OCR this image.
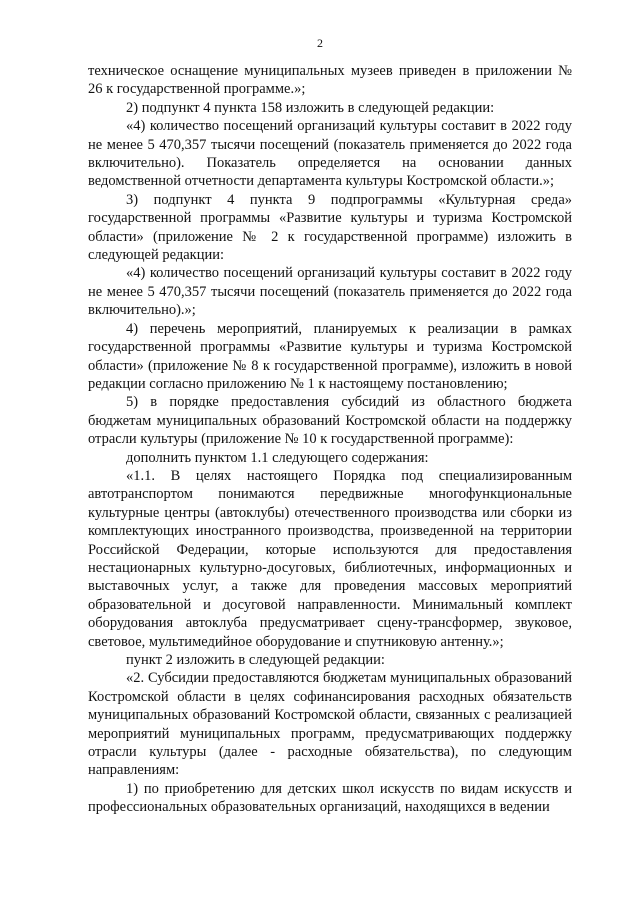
2

техническое оснащение муниципальных музеев приведен в приложении № 26 к государственной программе.»;

2) подпункт 4 пункта 158 изложить в следующей редакции:

«4) количество посещений организаций культуры составит в 2022 году не менее 5 470,357 тысячи посещений (показатель применяется до 2022 года включительно). Показатель определяется на основании данных ведомственной отчетности департамента культуры Костромской области.»;

3) подпункт 4 пункта 9 подпрограммы «Культурная среда» государственной программы «Развитие культуры и туризма Костромской области» (приложение № 2 к государственной программе) изложить в следующей редакции:

«4) количество посещений организаций культуры составит в 2022 году не менее 5 470,357 тысячи посещений (показатель применяется до 2022 года включительно).»;

4) перечень мероприятий, планируемых к реализации в рамках государственной программы «Развитие культуры и туризма Костромской области» (приложение № 8 к государственной программе), изложить в новой редакции согласно приложению № 1 к настоящему постановлению;

5) в порядке предоставления субсидий из областного бюджета бюджетам муниципальных образований Костромской области на поддержку отрасли культуры (приложение № 10 к государственной программе):

дополнить пунктом 1.1 следующего содержания:

«1.1. В целях настоящего Порядка под специализированным автотранспортом понимаются передвижные многофункциональные культурные центры (автоклубы) отечественного производства или сборки из комплектующих иностранного производства, произведенной на территории Российской Федерации, которые используются для предоставления нестационарных культурно-досуговых, библиотечных, информационных и выставочных услуг, а также для проведения массовых мероприятий образовательной и досуговой направленности. Минимальный комплект оборудования автоклуба предусматривает сцену-трансформер, звуковое, световое, мультимедийное оборудование и спутниковую антенну.»;

пункт 2 изложить в следующей редакции:

«2. Субсидии предоставляются бюджетам муниципальных образований Костромской области в целях софинансирования расходных обязательств муниципальных образований Костромской области, связанных с реализацией мероприятий муниципальных программ, предусматривающих поддержку отрасли культуры (далее - расходные обязательства), по следующим направлениям:

1) по приобретению для детских школ искусств по видам искусств и профессиональных образовательных организаций, находящихся в ведении
